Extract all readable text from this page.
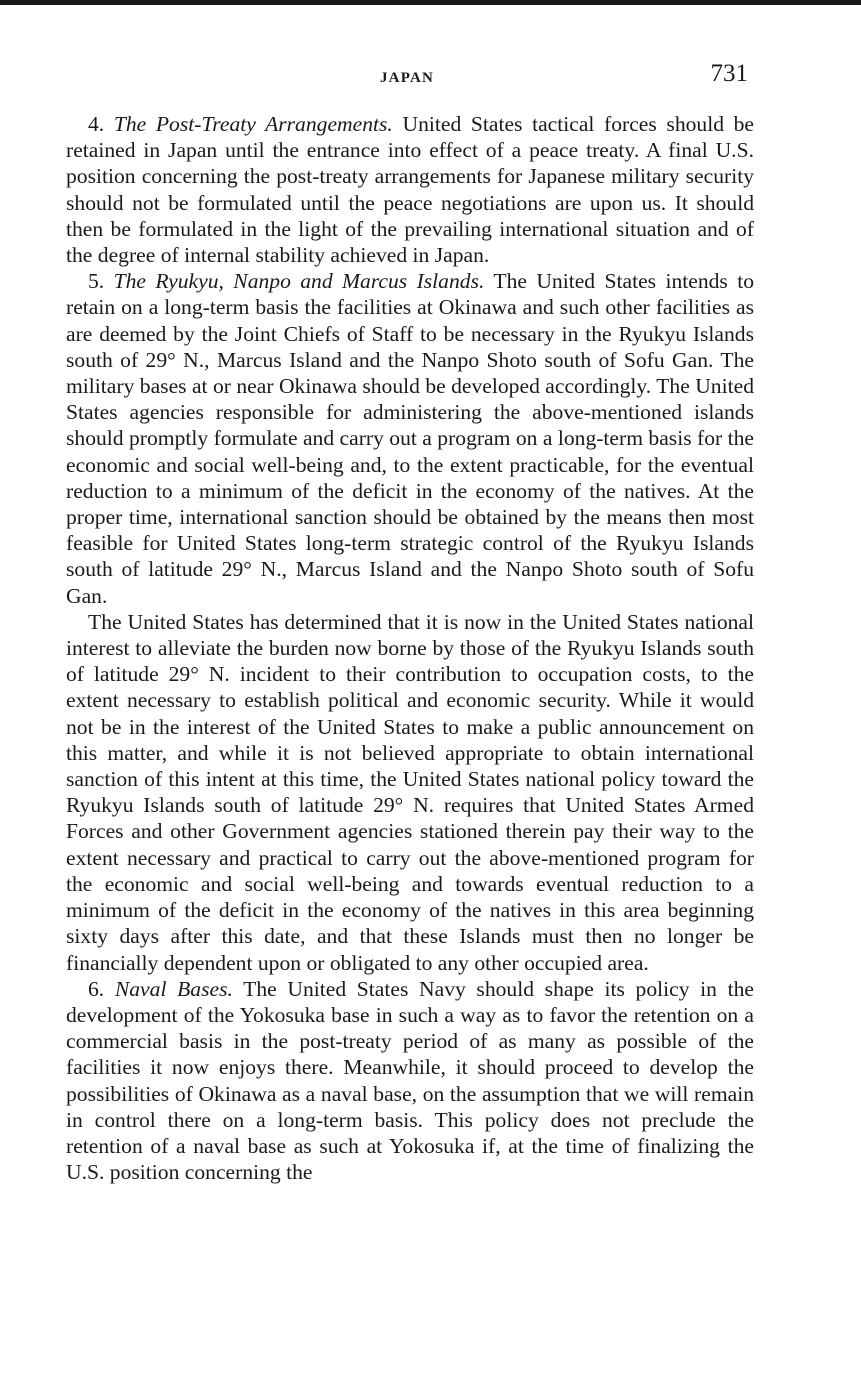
JAPAN	731

4. The Post-Treaty Arrangements. United States tactical forces should be retained in Japan until the entrance into effect of a peace treaty. A final U.S. position concerning the post-treaty arrangements for Japanese military security should not be formulated until the peace negotiations are upon us. It should then be formulated in the light of the prevailing international situation and of the degree of internal stability achieved in Japan.

5. The Ryukyu, Nanpo and Marcus Islands. The United States intends to retain on a long-term basis the facilities at Okinawa and such other facilities as are deemed by the Joint Chiefs of Staff to be necessary in the Ryukyu Islands south of 29° N., Marcus Island and the Nanpo Shoto south of Sofu Gan. The military bases at or near Okinawa should be developed accordingly. The United States agencies responsible for administering the above-mentioned islands should promptly formulate and carry out a program on a long-term basis for the economic and social well-being and, to the extent practicable, for the eventual reduction to a minimum of the deficit in the economy of the natives. At the proper time, international sanction should be obtained by the means then most feasible for United States long-term strategic control of the Ryukyu Islands south of latitude 29° N., Marcus Island and the Nanpo Shoto south of Sofu Gan.

The United States has determined that it is now in the United States national interest to alleviate the burden now borne by those of the Ryukyu Islands south of latitude 29° N. incident to their contribution to occupation costs, to the extent necessary to establish political and economic security. While it would not be in the interest of the United States to make a public announcement on this matter, and while it is not believed appropriate to obtain international sanction of this intent at this time, the United States national policy toward the Ryukyu Islands south of latitude 29° N. requires that United States Armed Forces and other Government agencies stationed therein pay their way to the extent necessary and practical to carry out the above-mentioned program for the economic and social well-being and towards eventual reduction to a minimum of the deficit in the economy of the natives in this area beginning sixty days after this date, and that these Islands must then no longer be financially dependent upon or obligated to any other occupied area.

6. Naval Bases. The United States Navy should shape its policy in the development of the Yokosuka base in such a way as to favor the retention on a commercial basis in the post-treaty period of as many as possible of the facilities it now enjoys there. Meanwhile, it should proceed to develop the possibilities of Okinawa as a naval base, on the assumption that we will remain in control there on a long-term basis. This policy does not preclude the retention of a naval base as such at Yokosuka if, at the time of finalizing the U.S. position concerning the
